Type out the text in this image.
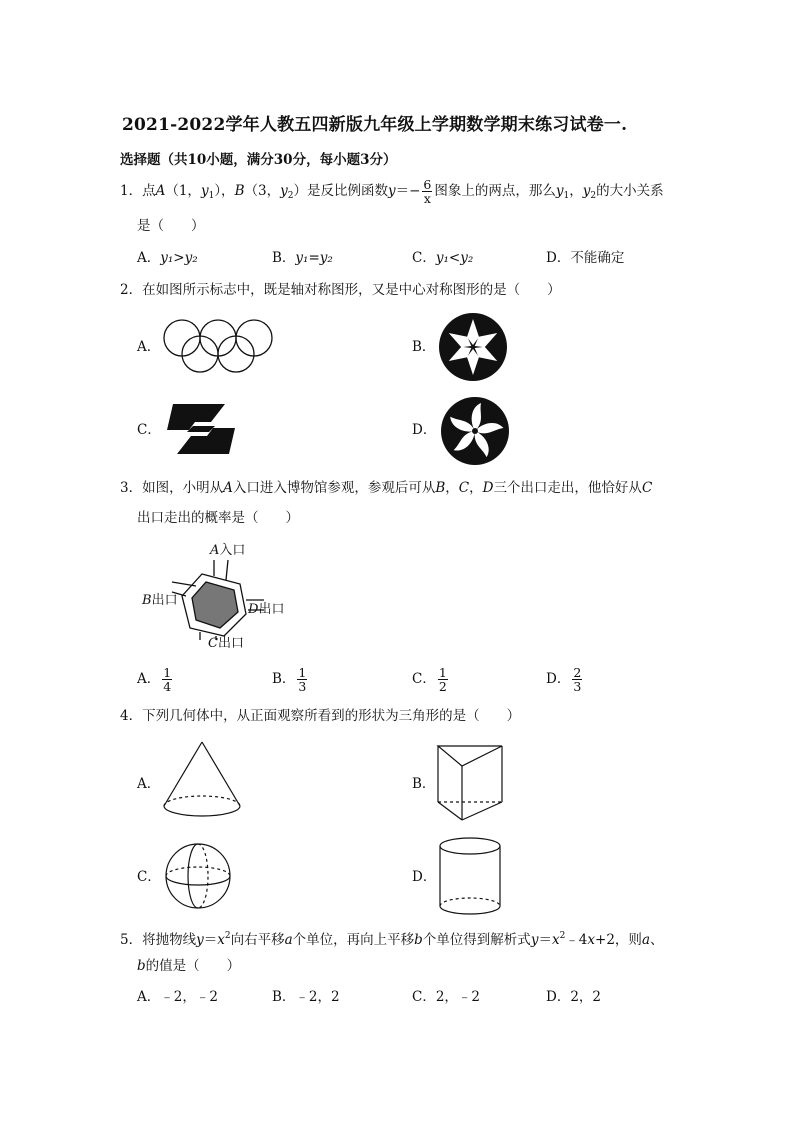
2021-2022学年人教五四新版九年级上学期数学期末练习试卷一.
选择题（共10小题，满分30分，每小题3分）
1．点A（1，$y_1$），B（3，$y_2$）是反比例函数$y=- \frac{6}{x}$ 图象上的两点，那么$y_1$，$y_2$的大小关系
是（　　）
A．y₁>y₂	B．y₁=y₂	C．y₁<y₂	D．不能确定
2．在如图所示标志中，既是轴对称图形，又是中心对称图形的是（　　）
A．	B．
C．	D．
3．如图，小明从A入口进入博物馆参观，参观后可从B，C，D三个出口走出，他恰好从C
出口走出的概率是（　　）
A入口
B出口
D出口
C出口
A． $\frac{1}{4}$	B． $\frac{1}{3}$	C． $\frac{1}{2}$	D． $\frac{2}{3}$
4．下列几何体中，从正面观察所看到的形状为三角形的是（　　）
A．	B．
C．	D．
5．将抛物线$y=x^2$向右平移a个单位，再向上平移b个单位得到解析式$y=x^2﹣4x+2$，则a、
b的值是（　　）
A．﹣2，﹣2	B．﹣2，2	C．2，﹣2	D．2，2
